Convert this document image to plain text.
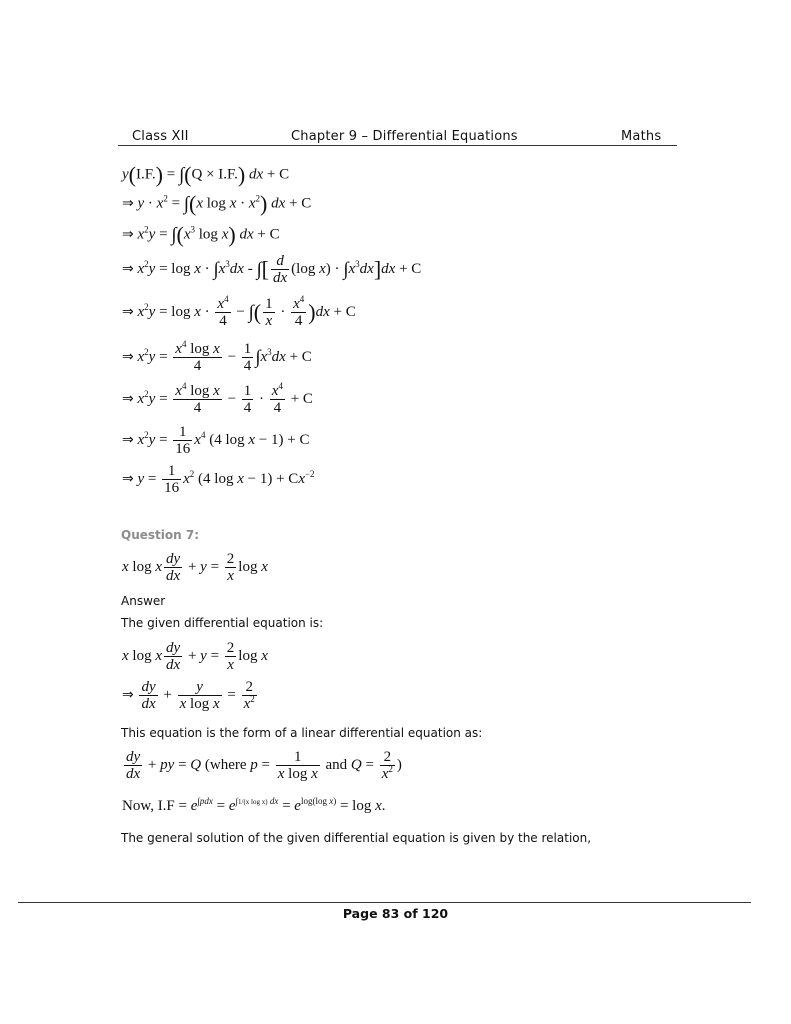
Class XII	Chapter 9 – Differential Equations	Maths
y(I.F.) = ∫(Q × I.F.) dx + C
⇒ $y \cdot x^2 = \int(x$ $\log x \cdot x^2$) dx + C
⇒ $x^2y = \int(x^3$ log x) dx + C
⇒ $x^2y = \log x \cdot \int x^3dx$ - ∫[ $\frac{d}{dx} (\log$ $x) \cdot \int x^3dx]dx + C$
⇒ $x^2y = \log x \cdot \frac{x^4}{4}$ − ∫( $\frac{1}{x} \cdot \frac{x^4}{4} )dx + C$
⇒ $x^2y = \frac{x^4 \log x}{4} - \frac{1}{4} \int x^3dx + C$
⇒ $x^2y = \frac{x^4 \log x}{4} - \frac{1}{4} \cdot \frac{x^4}{4} + C$
⇒ $x^2y = \frac{1}{16} x^4$ (4 log x − 1) + C
⇒ $y = \frac{1}{16} x^2$ (4 $\log x - 1) + Cx^{-2}$
Question 7:
x log x $\frac{dy}{dx} + y = \frac{2}{x}$ log x
Answer
The given differential equation is:
x log x $\frac{dy}{dx} + y = \frac{2}{x}$ log x
⇒ $\frac{dy}{dx} + \frac{y}{\text{x log x}} = \frac{2}{x^2}$
This equation is the form of a linear differential equation as:
$\frac{dy}{dx}$ + py = Q (where $p = \frac{1}{\text{x log x}}$ and $Q = \frac{2}{x^2}$ )
Now, $I.F = e^{\int pdx} = e^{\int 1/(x log x) dx} = e^{log(log x)} = \log x$.
The general solution of the given differential equation is given by the relation,
Page 83 of 120
